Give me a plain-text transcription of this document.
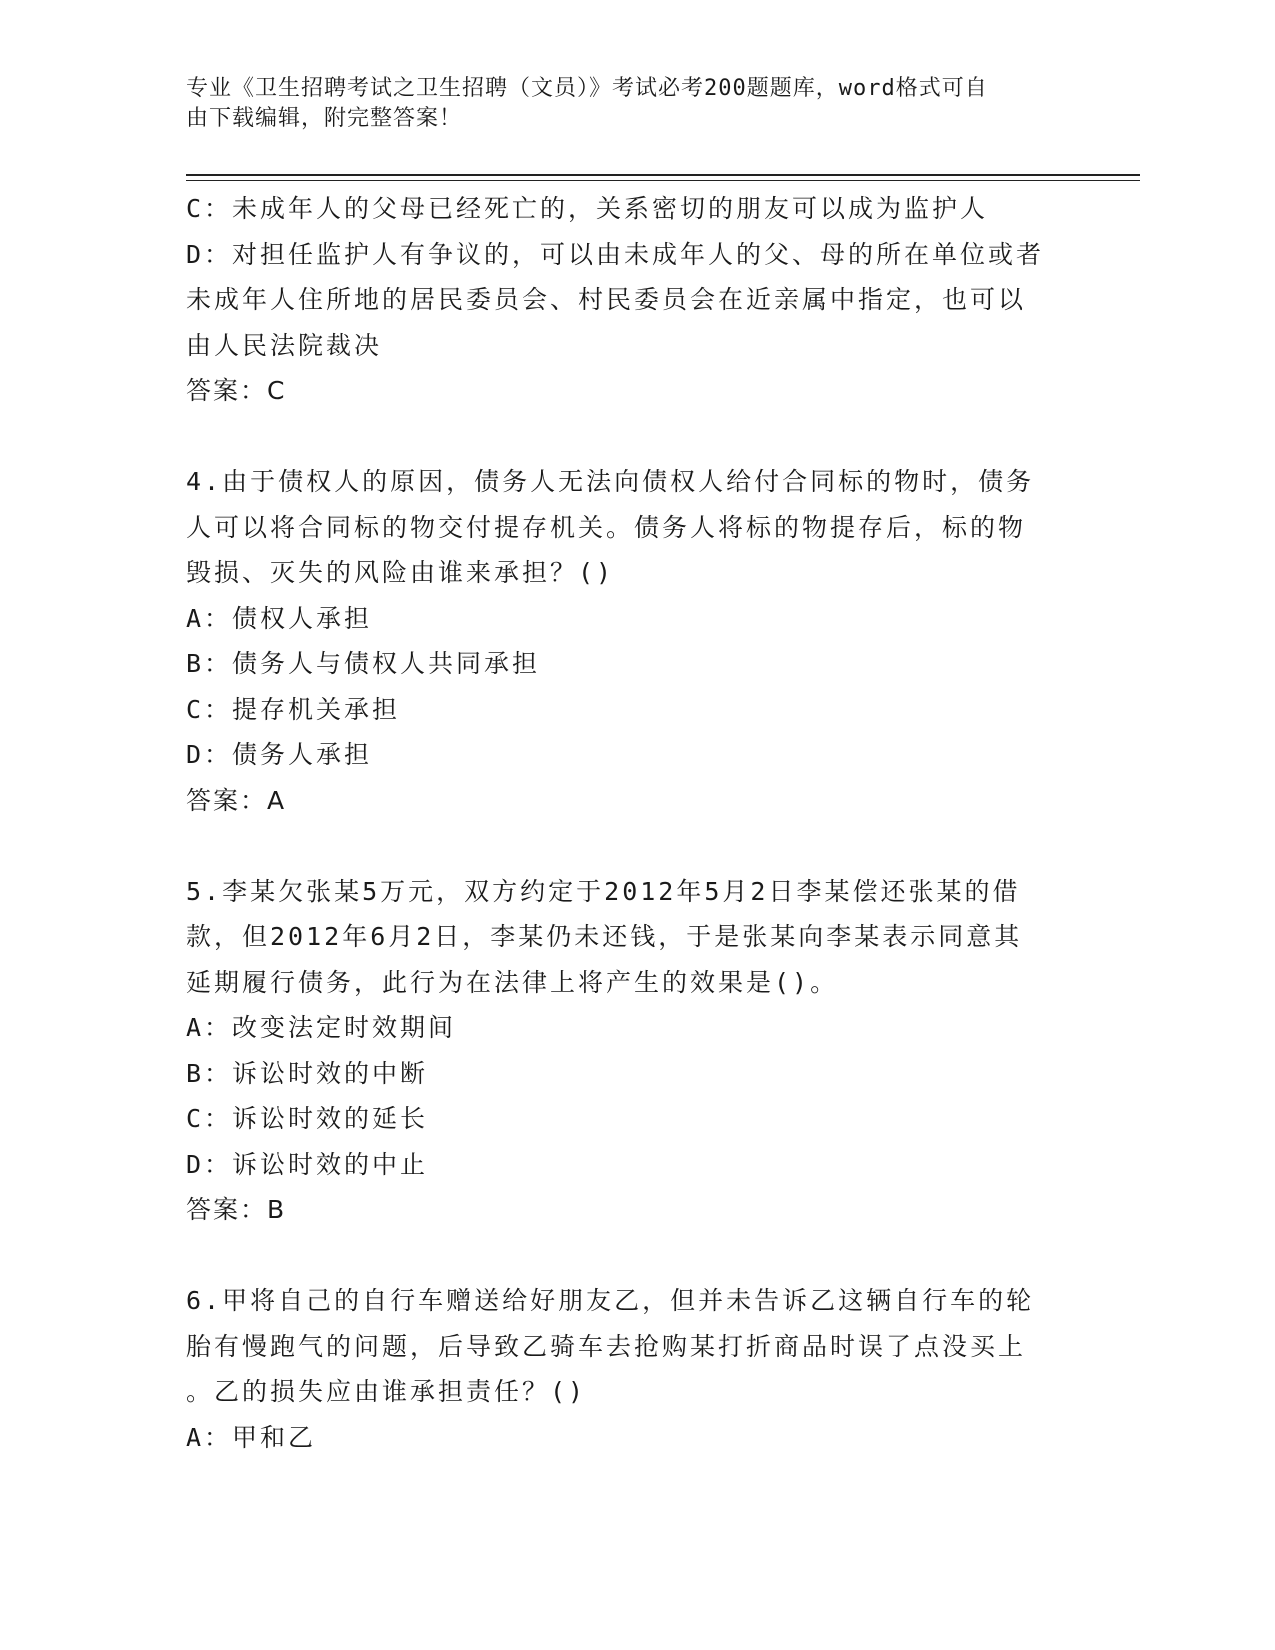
专业《卫生招聘考试之卫生招聘（文员）》考试必考200题题库，word格式可自
由下载编辑，附完整答案！
C：未成年人的父母已经死亡的，关系密切的朋友可以成为监护人
D：对担任监护人有争议的，可以由未成年人的父、母的所在单位或者
未成年人住所地的居民委员会、村民委员会在近亲属中指定，也可以
由人民法院裁决
答案：C
4.由于债权人的原因，债务人无法向债权人给付合同标的物时，债务
人可以将合同标的物交付提存机关。债务人将标的物提存后，标的物
毁损、灭失的风险由谁来承担？()
A：债权人承担
B：债务人与债权人共同承担
C：提存机关承担
D：债务人承担
答案：A
5.李某欠张某5万元，双方约定于2012年5月2日李某偿还张某的借
款，但2012年6月2日，李某仍未还钱，于是张某向李某表示同意其
延期履行债务，此行为在法律上将产生的效果是()。
A：改变法定时效期间
B：诉讼时效的中断
C：诉讼时效的延长
D：诉讼时效的中止
答案：B
6.甲将自己的自行车赠送给好朋友乙，但并未告诉乙这辆自行车的轮
胎有慢跑气的问题，后导致乙骑车去抢购某打折商品时误了点没买上
。乙的损失应由谁承担责任？()
A：甲和乙
